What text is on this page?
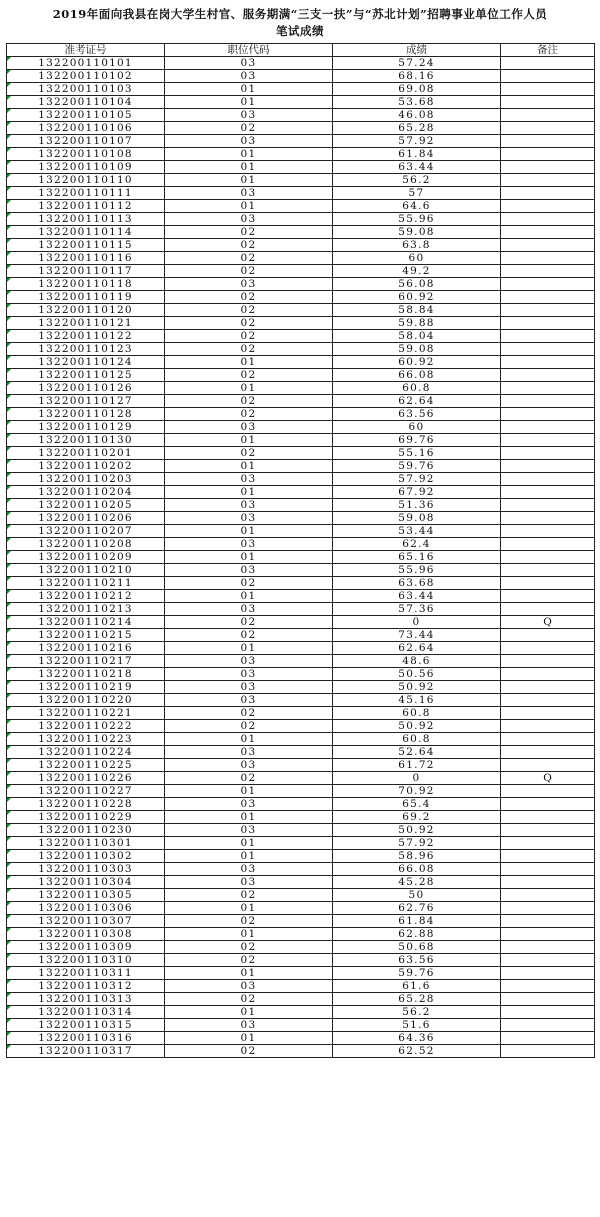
2019年面向我县在岗大学生村官、服务期满“三支一扶”与“苏北计划”招聘事业单位工作人员
笔试成绩
准考证号	职位代码	成绩	备注
132200110101	03	57.24	
132200110102	03	68.16	
132200110103	01	69.08	
132200110104	01	53.68	
132200110105	03	46.08	
132200110106	02	65.28	
132200110107	03	57.92	
132200110108	01	61.84	
132200110109	01	63.44	
132200110110	01	56.2	
132200110111	03	57	
132200110112	01	64.6	
132200110113	03	55.96	
132200110114	02	59.08	
132200110115	02	63.8	
132200110116	02	60	
132200110117	02	49.2	
132200110118	03	56.08	
132200110119	02	60.92	
132200110120	02	58.84	
132200110121	02	59.88	
132200110122	02	58.04	
132200110123	02	59.08	
132200110124	01	60.92	
132200110125	02	66.08	
132200110126	01	60.8	
132200110127	02	62.64	
132200110128	02	63.56	
132200110129	03	60	
132200110130	01	69.76	
132200110201	02	55.16	
132200110202	01	59.76	
132200110203	03	57.92	
132200110204	01	67.92	
132200110205	03	51.36	
132200110206	03	59.08	
132200110207	01	53.44	
132200110208	03	62.4	
132200110209	01	65.16	
132200110210	03	55.96	
132200110211	02	63.68	
132200110212	01	63.44	
132200110213	03	57.36	
132200110214	02	0	Q
132200110215	02	73.44	
132200110216	01	62.64	
132200110217	03	48.6	
132200110218	03	50.56	
132200110219	03	50.92	
132200110220	03	45.16	
132200110221	02	60.8	
132200110222	02	50.92	
132200110223	01	60.8	
132200110224	03	52.64	
132200110225	03	61.72	
132200110226	02	0	Q
132200110227	01	70.92	
132200110228	03	65.4	
132200110229	01	69.2	
132200110230	03	50.92	
132200110301	01	57.92	
132200110302	01	58.96	
132200110303	03	66.08	
132200110304	03	45.28	
132200110305	02	50	
132200110306	01	62.76	
132200110307	02	61.84	
132200110308	01	62.88	
132200110309	02	50.68	
132200110310	02	63.56	
132200110311	01	59.76	
132200110312	03	61.6	
132200110313	02	65.28	
132200110314	01	56.2	
132200110315	03	51.6	
132200110316	01	64.36	
132200110317	02	62.52	
